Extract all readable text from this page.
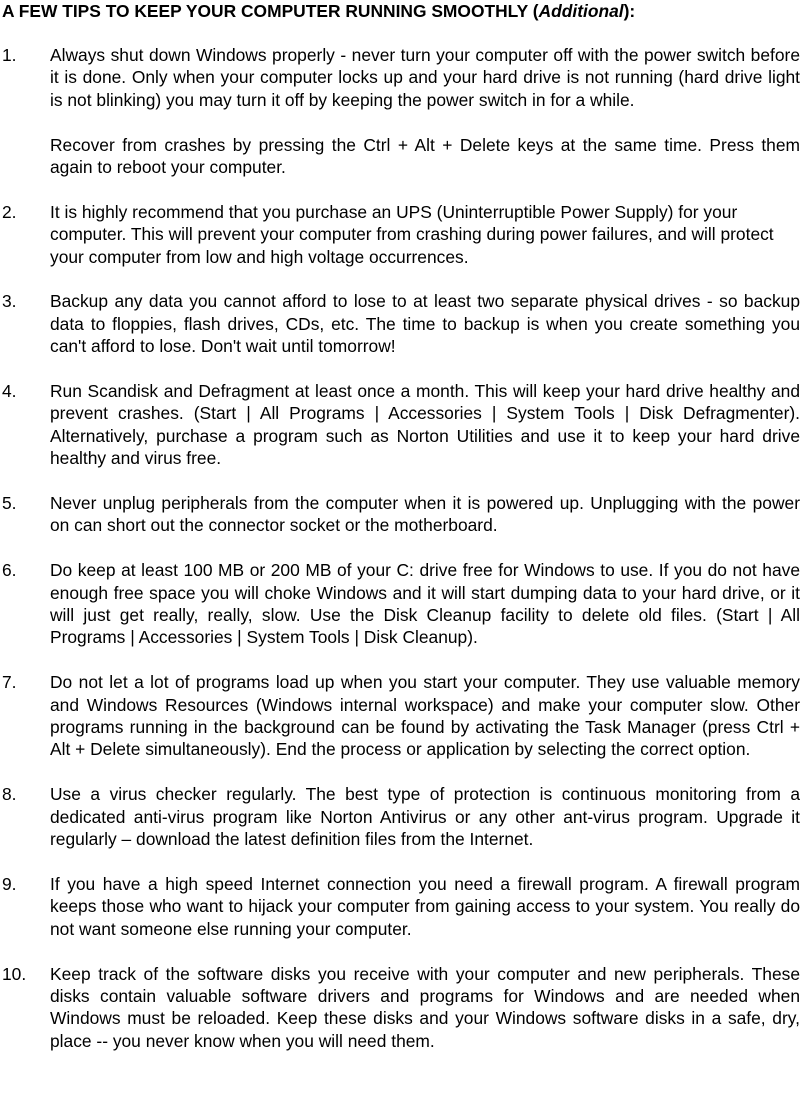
A FEW TIPS TO KEEP YOUR COMPUTER RUNNING SMOOTHLY (Additional):
1.	Always shut down Windows properly - never turn your computer off with the power switch before it is done. Only when your computer locks up and your hard drive is not running (hard drive light is not blinking) you may turn it off by keeping the power switch in for a while.

Recover from crashes by pressing the Ctrl + Alt + Delete keys at the same time. Press them again to reboot your computer.

2.	It is highly recommend that you purchase an UPS (Uninterruptible Power Supply) for your computer. This will prevent your computer from crashing during power failures, and will protect your computer from low and high voltage occurrences.

3.	Backup any data you cannot afford to lose to at least two separate physical drives - so backup data to floppies, flash drives, CDs, etc. The time to backup is when you create something you can't afford to lose. Don't wait until tomorrow!

4.	Run Scandisk and Defragment at least once a month. This will keep your hard drive healthy and prevent crashes. (Start | All Programs | Accessories | System Tools | Disk Defragmenter). Alternatively, purchase a program such as Norton Utilities and use it to keep your hard drive healthy and virus free.

5.	Never unplug peripherals from the computer when it is powered up. Unplugging with the power on can short out the connector socket or the motherboard.

6.	Do keep at least 100 MB or 200 MB of your C: drive free for Windows to use. If you do not have enough free space you will choke Windows and it will start dumping data to your hard drive, or it will just get really, really, slow. Use the Disk Cleanup facility to delete old files. (Start | All Programs | Accessories | System Tools | Disk Cleanup).

7.	Do not let a lot of programs load up when you start your computer. They use valuable memory and Windows Resources (Windows internal workspace) and make your computer slow. Other programs running in the background can be found by activating the Task Manager (press Ctrl + Alt + Delete simultaneously). End the process or application by selecting the correct option.

8.	Use a virus checker regularly. The best type of protection is continuous monitoring from a dedicated anti-virus program like Norton Antivirus or any other ant-virus program. Upgrade it regularly – download the latest definition files from the Internet.

9.	If you have a high speed Internet connection you need a firewall program. A firewall program keeps those who want to hijack your computer from gaining access to your system. You really do not want someone else running your computer.

10.	Keep track of the software disks you receive with your computer and new peripherals. These disks contain valuable software drivers and programs for Windows and are needed when Windows must be reloaded. Keep these disks and your Windows software disks in a safe, dry, place -- you never know when you will need them.
